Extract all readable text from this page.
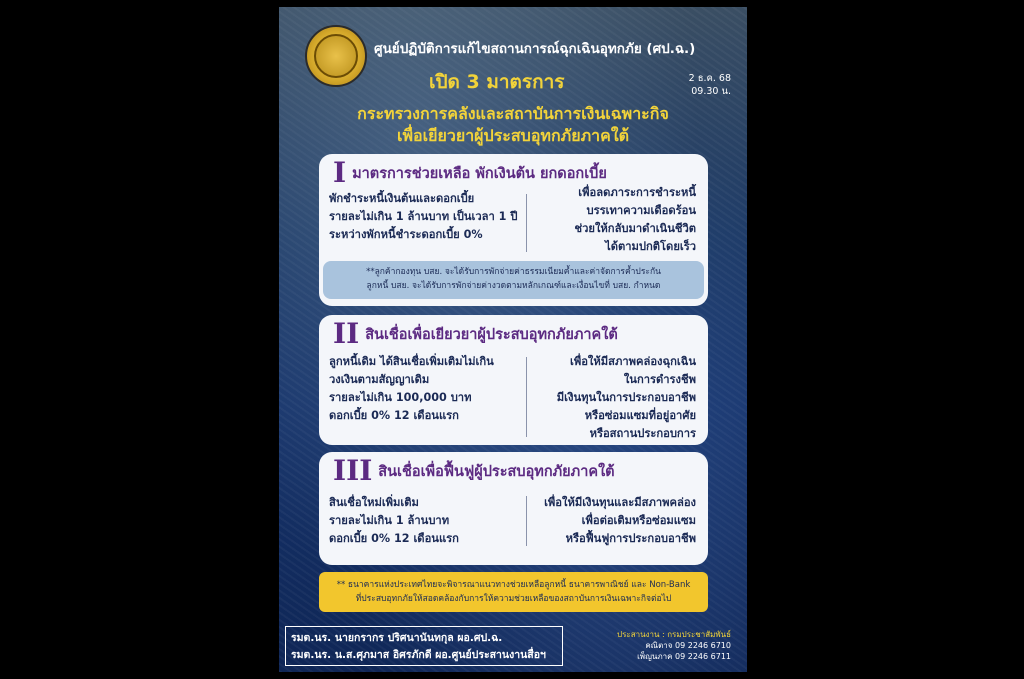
ศูนย์ปฏิบัติการแก้ไขสถานการณ์ฉุกเฉินอุทกภัย (ศป.ฉ.)
เปิด 3 มาตรการ	2 ธ.ค. 68
09.30 น.
กระทรวงการคลังและสถาบันการเงินเฉพาะกิจ
เพื่อเยียวยาผู้ประสบอุทกภัยภาคใต้
I มาตรการช่วยเหลือ พักเงินต้น ยกดอกเบี้ย
พักชำระหนี้เงินต้นและดอกเบี้ย
รายละไม่เกิน 1 ล้านบาท เป็นเวลา 1 ปี
ระหว่างพักหนี้ชำระดอกเบี้ย 0%
เพื่อลดภาระการชำระหนี้
บรรเทาความเดือดร้อน
ช่วยให้กลับมาดำเนินชีวิต
ได้ตามปกติโดยเร็ว
**ลูกค้ากองทุน บสย. จะได้รับการพักจ่ายค่าธรรมเนียมค้ำและค่าจัดการค้ำประกัน
ลูกหนี้ บสย. จะได้รับการพักจ่ายค่างวดตามหลักเกณฑ์และเงื่อนไขที่ บสย. กำหนด
II สินเชื่อเพื่อเยียวยาผู้ประสบอุทกภัยภาคใต้
ลูกหนี้เดิม ได้สินเชื่อเพิ่มเติมไม่เกิน
วงเงินตามสัญญาเดิม
รายละไม่เกิน 100,000 บาท
ดอกเบี้ย 0% 12 เดือนแรก
เพื่อให้มีสภาพคล่องฉุกเฉิน
ในการดำรงชีพ
มีเงินทุนในการประกอบอาชีพ
หรือซ่อมแซมที่อยู่อาศัย
หรือสถานประกอบการ
III สินเชื่อเพื่อฟื้นฟูผู้ประสบอุทกภัยภาคใต้
สินเชื่อใหม่เพิ่มเติม
รายละไม่เกิน 1 ล้านบาท
ดอกเบี้ย 0% 12 เดือนแรก
เพื่อให้มีเงินทุนและมีสภาพคล่อง
เพื่อต่อเติมหรือซ่อมแซม
หรือฟื้นฟูการประกอบอาชีพ
** ธนาคารแห่งประเทศไทยจะพิจารณาแนวทางช่วยเหลือลูกหนี้ ธนาคารพาณิชย์ และ Non-Bank
ที่ประสบอุทกภัยให้สอดคล้องกับการให้ความช่วยเหลือของสถาบันการเงินเฉพาะกิจต่อไป
รมต.นร. นายกรากร ปริศนานันทกุล ผอ.ศป.ฉ.
รมต.นร. น.ส.ศุภมาส อิศรภักดี ผอ.ศูนย์ประสานงานสื่อฯ
ประสานงาน : กรมประชาสัมพันธ์
คณิตาจ 09 2246 6710
เพ็ญนภาค 09 2246 6711
